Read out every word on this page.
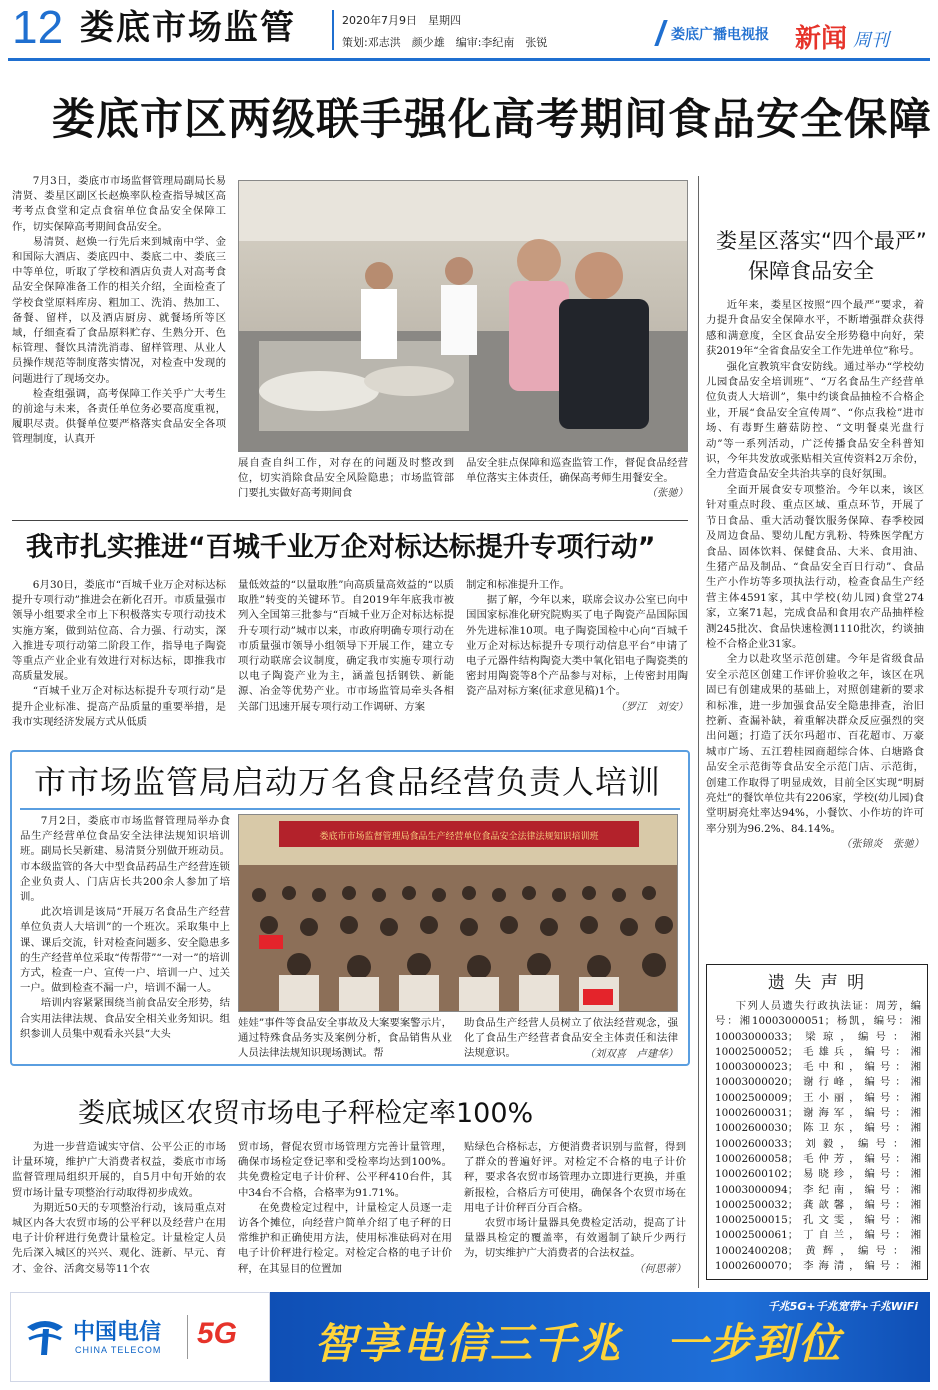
12 娄底市场监管	2020年7月9日　星期四
策划:邓志洪　颜少雄　编审:李纪南　张锐	娄底广播电视报 新闻 周刊
娄底市区两级联手强化高考期间食品安全保障

7月3日，娄底市市场监督管理局副局长易清贤、娄星区副区长赵焕率队检查指导城区高考考点食堂和定点食宿单位食品安全保障工作，切实保障高考期间食品安全。

易清贤、赵焕一行先后来到城南中学、金和国际大酒店、娄底四中、娄底二中、娄底三中等单位，听取了学校和酒店负责人对高考食品安全保障准备工作的相关介绍，全面检查了学校食堂原料库房、粗加工、洗消、热加工、备餐、留样，以及酒店厨房、就餐场所等区域，仔细查看了食品原料贮存、生熟分开、色标管理、餐饮具清洗消毒、留样管理、从业人员操作规范等制度落实情况，对检查中发现的问题进行了现场交办。

检查组强调，高考保障工作关乎广大考生的前途与未来，各责任单位务必要高度重视，履职尽责。供餐单位要严格落实食品安全各项管理制度，认真开

展自查自纠工作，对存在的问题及时整改到位，切实消除食品安全风险隐患；市场监管部门要扎实做好高考期间食

品安全驻点保障和巡查监管工作，督促食品经营单位落实主体责任，确保高考师生用餐安全。

（张驰）
我市扎实推进“百城千业万企对标达标提升专项行动”

6月30日，娄底市“百城千业万企对标达标提升专项行动”推进会在新化召开。市质量强市领导小组要求全市上下积极落实专项行动技术实施方案，做到站位高、合力强、行动实，深入推进专项行动第二阶段工作，指导电子陶瓷等重点产业企业有效进行对标达标，即推我市高质量发展。

“百城千业万企对标达标提升专项行动”是提升企业标准、提高产品质量的重要举措，是我市实现经济发展方式从低质

量低效益的“以量取胜”向高质量高效益的“以质取胜”转变的关键环节。自2019年年底我市被列入全国第三批参与“百城千业万企对标达标提升专项行动”城市以来，市政府明确专项行动在市质量强市领导小组领导下开展工作，建立专项行动联席会议制度，确定我市实施专项行动以电子陶瓷产业为主，涵盖包括钢铁、新能源、冶金等优势产业。市市场监管局牵头各相关部门迅速开展专项行动工作调研、方案

制定和标准提升工作。

据了解，今年以来，联席会议办公室已向中国国家标准化研究院购买了电子陶瓷产品国际国外先进标准10项。电子陶瓷国检中心向“百城千业万企对标达标提升专项行动信息平台”申请了电子元器件结构陶瓷大类中氧化铝电子陶瓷类的密封用陶瓷等8个产品参与对标，上传密封用陶瓷产品对标方案(征求意见稿)1个。

（罗江　刘安）
市市场监管局启动万名食品经营负责人培训

7月2日，娄底市市场监督管理局举办食品生产经营单位食品安全法律法规知识培训班。副局长吴新建、易清贤分别做开班动员。市本级监管的各大中型食品药品生产经营连锁企业负责人、门店店长共200余人参加了培训。

此次培训是该局“开展万名食品生产经营单位负责人大培训”的一个班次。采取集中上课、课后交流，针对检查问题多、安全隐患多的生产经营单位采取“传帮带”“一对一”的培训方式，检查一户、宣传一户、培训一户、过关一户。做到检查不漏一户，培训不漏一人。

培训内容紧紧围绕当前食品安全形势，结合实用法律法规、食品安全相关业务知识。组织参训人员集中观看永兴县“大头

娄底市市场监督管理局食品生产经营单位食品安全法律法规知识培训班

娃娃”事件等食品安全事故及大案要案警示片，通过特殊食品务实及案例分析，食品销售从业人员法律法规知识现场测试。帮

助食品生产经营人员树立了依法经营观念，强化了食品生产经营者食品安全主体责任和法律法规意识。	（刘双喜　卢建华）
娄底城区农贸市场电子秤检定率100%

为进一步营造诚实守信、公平公正的市场计量环境，维护广大消费者权益，娄底市市场监督管理局组织开展的，自5月中旬开始的农贸市场计量专项整治行动取得初步成效。

为期近50天的专项整治行动，该局重点对城区内各大农贸市场的公平秤以及经营户在用电子计价秤进行免费计量检定。计量检定人员先后深入城区的兴兴、观化、涟新、早元、育才、金谷、活禽交易等11个农

贸市场，督促农贸市场管理方完善计量管理，确保市场检定登记率和受检率均达到100%。共免费检定电子计价秤、公平秤410台件，其中34台不合格，合格率为91.71%。

在免费检定过程中，计量检定人员逐一走访各个摊位，向经营户简单介绍了电子秤的日常维护和正确使用方法，使用标准砝码对在用电子计价秤进行检定。对检定合格的电子计价秤，在其显目的位置加

贴绿色合格标志，方便消费者识别与监督，得到了群众的普遍好评。对检定不合格的电子计价秤，要求各农贸市场管理办立即进行更换，并重新报检，合格后方可使用，确保各个农贸市场在用电子计价秤百分百合格。

农贸市场计量器具免费检定活动，提高了计量器具检定的覆盖率，有效遏制了缺斤少两行为，切实维护广大消费者的合法权益。

（何思蒂）
娄星区落实“四个最严”
保障食品安全

近年来，娄星区按照“四个最严”要求，着力提升食品安全保障水平，不断增强群众获得感和满意度，全区食品安全形势稳中向好，荣获2019年“全省食品安全工作先进单位”称号。

强化宣教筑牢食安防线。通过举办“学校幼儿园食品安全培训班”、“万名食品生产经营单位负责人大培训”，集中约谈食品抽检不合格企业，开展“食品安全宣传周”、“你点我检”进市场、有毒野生蘑菇防控、“文明餐桌光盘行动”等一系列活动，广泛传播食品安全科普知识，今年共发放或张贴相关宣传资料2万余份，全力营造食品安全共治共享的良好氛围。

全面开展食安专项整治。今年以来，该区针对重点时段、重点区域、重点环节，开展了节日食品、重大活动餐饮服务保障、春季校园及周边食品、婴幼儿配方乳粉、特殊医学配方食品、固体饮料、保健食品、大米、食用油、生猪产品及制品、“食品安全百日行动”、食品生产小作坊等多项执法行动，检查食品生产经营主体4591家，其中学校(幼儿园)食堂274家，立案71起，完成食品和食用农产品抽样检测245批次、食品快速检测1110批次，约谈抽检不合格企业31家。

全力以赴攻坚示范创建。今年是省级食品安全示范区创建工作评价验收之年，该区在巩固已有创建成果的基础上，对照创建新的要求和标准，进一步加强食品安全隐患排查，治旧控新、查漏补缺，着重解决群众反应强烈的突出问题；打造了沃尔玛超市、百花超市、万豪城市广场、五江碧桂园商超综合体、白塘路食品安全示范街等食品安全示范门店、示范街，创建工作取得了明显成效，目前全区实现“明厨亮灶”的餐饮单位共有2206家，学校(幼儿园)食堂明厨亮灶率达94%，小餐饮、小作坊的许可率分别为96.2%、84.14%。

（张锦炎　张驰）
遗 失 声 明

下列人员遗失行政执法证：周芳，编号：湘10003000051；杨凯，编号：湘10003000033；梁琼，编号：湘10002500052；毛雄兵，编号：湘10003000023；毛中和，编号：湘10003000020；谢行峰，编号：湘10002500009；王小丽，编号：湘10002600031；谢海军，编号：湘10002600030；陈卫东，编号：湘10002600033；刘毅，编号：湘10002600058；毛仲芳，编号：湘10002600102；易晓珍，编号：湘10003000094；李纪南，编号：湘10002500032；龚歆馨，编号：湘10002500015；孔文雯，编号：湘10002500061；丁自兰，编号：湘10002400208；黄辉，编号：湘10002600070；李海清，编号：湘

中国电信
CHINA TELECOM 5G
千兆5G+千兆宽带+千兆WiFi
智享电信三千兆　一步到位
